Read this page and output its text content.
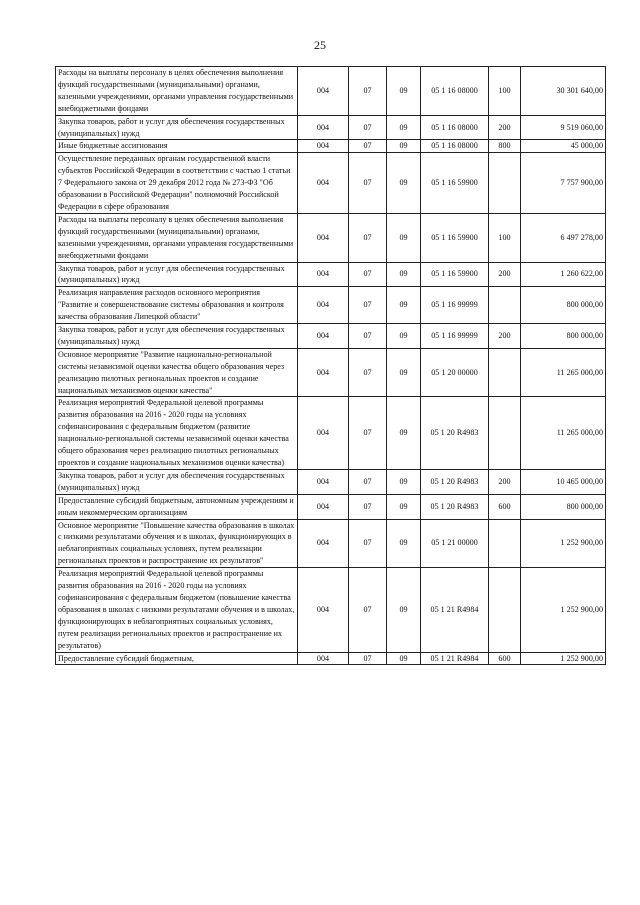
25
Расходы на выплаты персоналу в целях обеспечения выполнения функций государственными (муниципальными) органами, казенными учреждениями, органами управления государственными внебюджетными фондами	004	07	09	05 1 16 08000	100	30 301 640,00
Закупка товаров, работ и услуг для обеспечения государственных (муниципальных) нужд	004	07	09	05 1 16 08000	200	9 519 060,00
Иные бюджетные ассигнования	004	07	09	05 1 16 08000	800	45 000,00
Осуществление переданных органам государственной власти субъектов Российской Федерации в соответствии с частью 1 статьи 7 Федерального закона от 29 декабря 2012 года № 273-ФЗ "Об образовании в Российской Федерации" полномочий Российской Федерации в сфере образования	004	07	09	05 1 16 59900		7 757 900,00
Расходы на выплаты персоналу в целях обеспечения выполнения функций государственными (муниципальными) органами, казенными учреждениями, органами управления государственными внебюджетными фондами	004	07	09	05 1 16 59900	100	6 497 278,00
Закупка товаров, работ и услуг для обеспечения государственных (муниципальных) нужд	004	07	09	05 1 16 59900	200	1 260 622,00
Реализация направления расходов основного мероприятия "Развитие и совершенствование системы образования и контроля качества образования Липецкой области"	004	07	09	05 1 16 99999		800 000,00
Закупка товаров, работ и услуг для обеспечения государственных (муниципальных) нужд	004	07	09	05 1 16 99999	200	800 000,00
Основное мероприятие "Развитие национально-региональной системы независимой оценки качества общего образования через реализацию пилотных региональных проектов и создание национальных механизмов оценки качества"	004	07	09	05 1 20 00000		11 265 000,00
Реализация мероприятий Федеральной целевой программы развития образования на 2016 - 2020 годы на условиях софинансирования с федеральным бюджетом (развитие национально-региональной системы независимой оценки качества общего образования через реализацию пилотных региональных проектов и создание национальных механизмов оценки качества)	004	07	09	05 1 20 R4983		11 265 000,00
Закупка товаров, работ и услуг для обеспечения государственных (муниципальных) нужд	004	07	09	05 1 20 R4983	200	10 465 000,00
Предоставление субсидий бюджетным, автономным учреждениям и иным некоммерческим организациям	004	07	09	05 1 20 R4983	600	800 000,00
Основное мероприятие "Повышение качества образования в школах с низкими результатами обучения и в школах, функционирующих в неблагоприятных социальных условиях, путем реализации региональных проектов и распространение их результатов"	004	07	09	05 1 21 00000		1 252 900,00
Реализация мероприятий Федеральной целевой программы развития образования на 2016 - 2020 годы на условиях софинансирования с федеральным бюджетом (повышение качества образования в школах с низкими результатами обучения и в школах, функционирующих в неблагоприятных социальных условиях, путем реализации региональных проектов и распространение их результатов)	004	07	09	05 1 21 R4984		1 252 900,00
Предоставление субсидий бюджетным,	004	07	09	05 1 21 R4984	600	1 252 900,00
